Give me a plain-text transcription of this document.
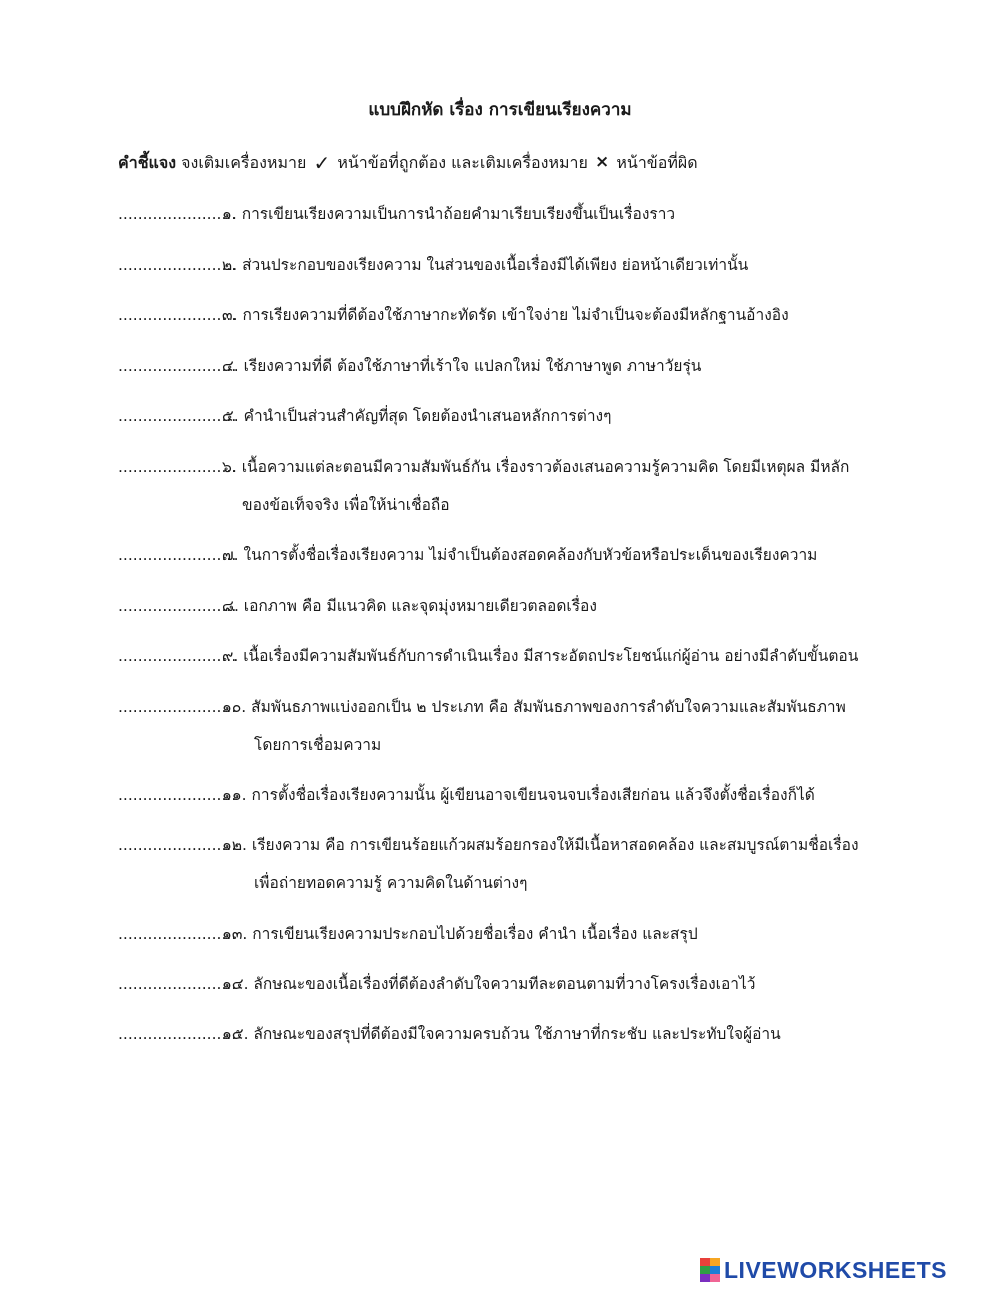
แบบฝึกหัด เรื่อง การเขียนเรียงความ
คำชี้แจง จงเติมเครื่องหมาย ✓ หน้าข้อที่ถูกต้อง และเติมเครื่องหมาย × หน้าข้อที่ผิด
........................
๑. การเขียนเรียงความเป็นการนำถ้อยคำมาเรียบเรียงขึ้นเป็นเรื่องราว
........................
๒. ส่วนประกอบของเรียงความ ในส่วนของเนื้อเรื่องมีได้เพียง ย่อหน้าเดียวเท่านั้น
........................
๓. การเรียงความที่ดีต้องใช้ภาษากะทัดรัด เข้าใจง่าย ไม่จำเป็นจะต้องมีหลักฐานอ้างอิง
........................
๔. เรียงความที่ดี ต้องใช้ภาษาที่เร้าใจ แปลกใหม่ ใช้ภาษาพูด ภาษาวัยรุ่น
........................
๕. คำนำเป็นส่วนสำคัญที่สุด โดยต้องนำเสนอหลักการต่างๆ
........................
๖. เนื้อความแต่ละตอนมีความสัมพันธ์กัน เรื่องราวต้องเสนอความรู้ความคิด โดยมีเหตุผล มีหลัก
ของข้อเท็จจริง เพื่อให้น่าเชื่อถือ
........................
๗. ในการตั้งชื่อเรื่องเรียงความ ไม่จำเป็นต้องสอดคล้องกับหัวข้อหรือประเด็นของเรียงความ
........................
๘. เอกภาพ คือ มีแนวคิด และจุดมุ่งหมายเดียวตลอดเรื่อง
........................
๙. เนื้อเรื่องมีความสัมพันธ์กับการดำเนินเรื่อง มีสาระอัตถประโยชน์แก่ผู้อ่าน อย่างมีลำดับขั้นตอน
........................
๑๐. สัมพันธภาพแบ่งออกเป็น ๒ ประเภท คือ สัมพันธภาพของการลำดับใจความและสัมพันธภาพ
โดยการเชื่อมความ
........................
๑๑. การตั้งชื่อเรื่องเรียงความนั้น ผู้เขียนอาจเขียนจนจบเรื่องเสียก่อน แล้วจึงตั้งชื่อเรื่องก็ได้
........................
๑๒. เรียงความ คือ การเขียนร้อยแก้วผสมร้อยกรองให้มีเนื้อหาสอดคล้อง และสมบูรณ์ตามชื่อเรื่อง
เพื่อถ่ายทอดความรู้ ความคิดในด้านต่างๆ
........................
๑๓. การเขียนเรียงความประกอบไปด้วยชื่อเรื่อง คำนำ เนื้อเรื่อง และสรุป
........................
๑๔. ลักษณะของเนื้อเรื่องที่ดีต้องลำดับใจความทีละตอนตามที่วางโครงเรื่องเอาไว้
........................
๑๕. ลักษณะของสรุปที่ดีต้องมีใจความครบถ้วน ใช้ภาษาที่กระชับ และประทับใจผู้อ่าน
LIVEWORKSHEETS
